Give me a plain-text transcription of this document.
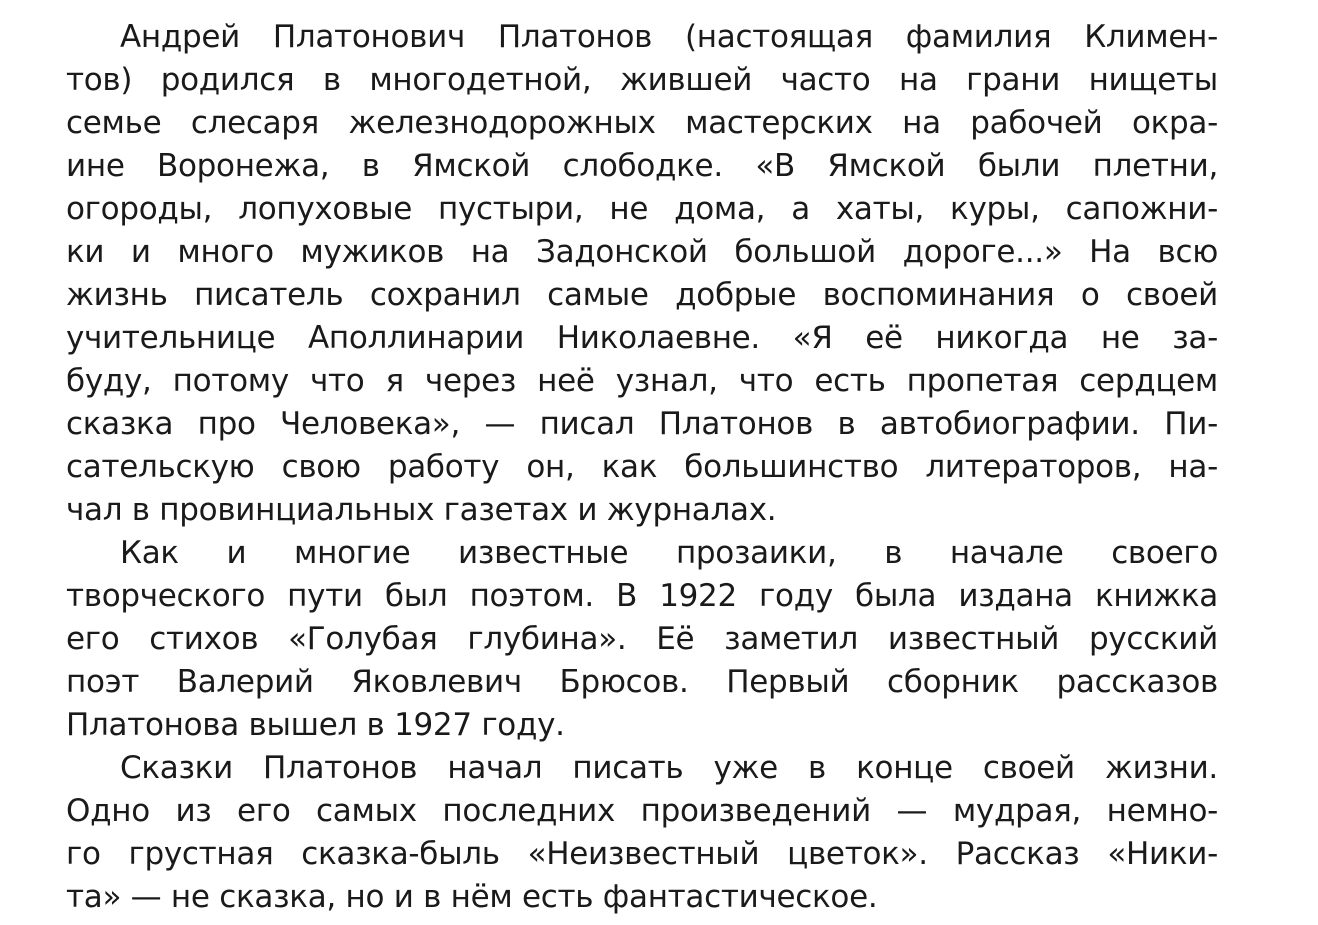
Андрей Платонович Платонов (настоящая фамилия Климен-
тов) родился в многодетной, жившей часто на грани нищеты
семье слесаря железнодорожных мастерских на рабочей окра-
ине Воронежа, в Ямской слободке. «В Ямской были плетни,
огороды, лопуховые пустыри, не дома, а хаты, куры, сапожни-
ки и много мужиков на Задонской большой дороге...» На всю
жизнь писатель сохранил самые добрые воспоминания о своей
учительнице Аполлинарии Николаевне. «Я её никогда не за-
буду, потому что я через неё узнал, что есть пропетая сердцем
сказка про Человека», — писал Платонов в автобиографии. Пи-
сательскую свою работу он, как большинство литераторов, на-
чал в провинциальных газетах и журналах.
Как и многие известные прозаики, в начале своего
творческого пути был поэтом. В 1922 году была издана книжка
его стихов «Голубая глубина». Её заметил известный русский
поэт Валерий Яковлевич Брюсов. Первый сборник рассказов
Платонова вышел в 1927 году.
Сказки Платонов начал писать уже в конце своей жизни.
Одно из его самых последних произведений — мудрая, немно-
го грустная сказка-быль «Неизвестный цветок». Рассказ «Ники-
та» — не сказка, но и в нём есть фантастическое.
